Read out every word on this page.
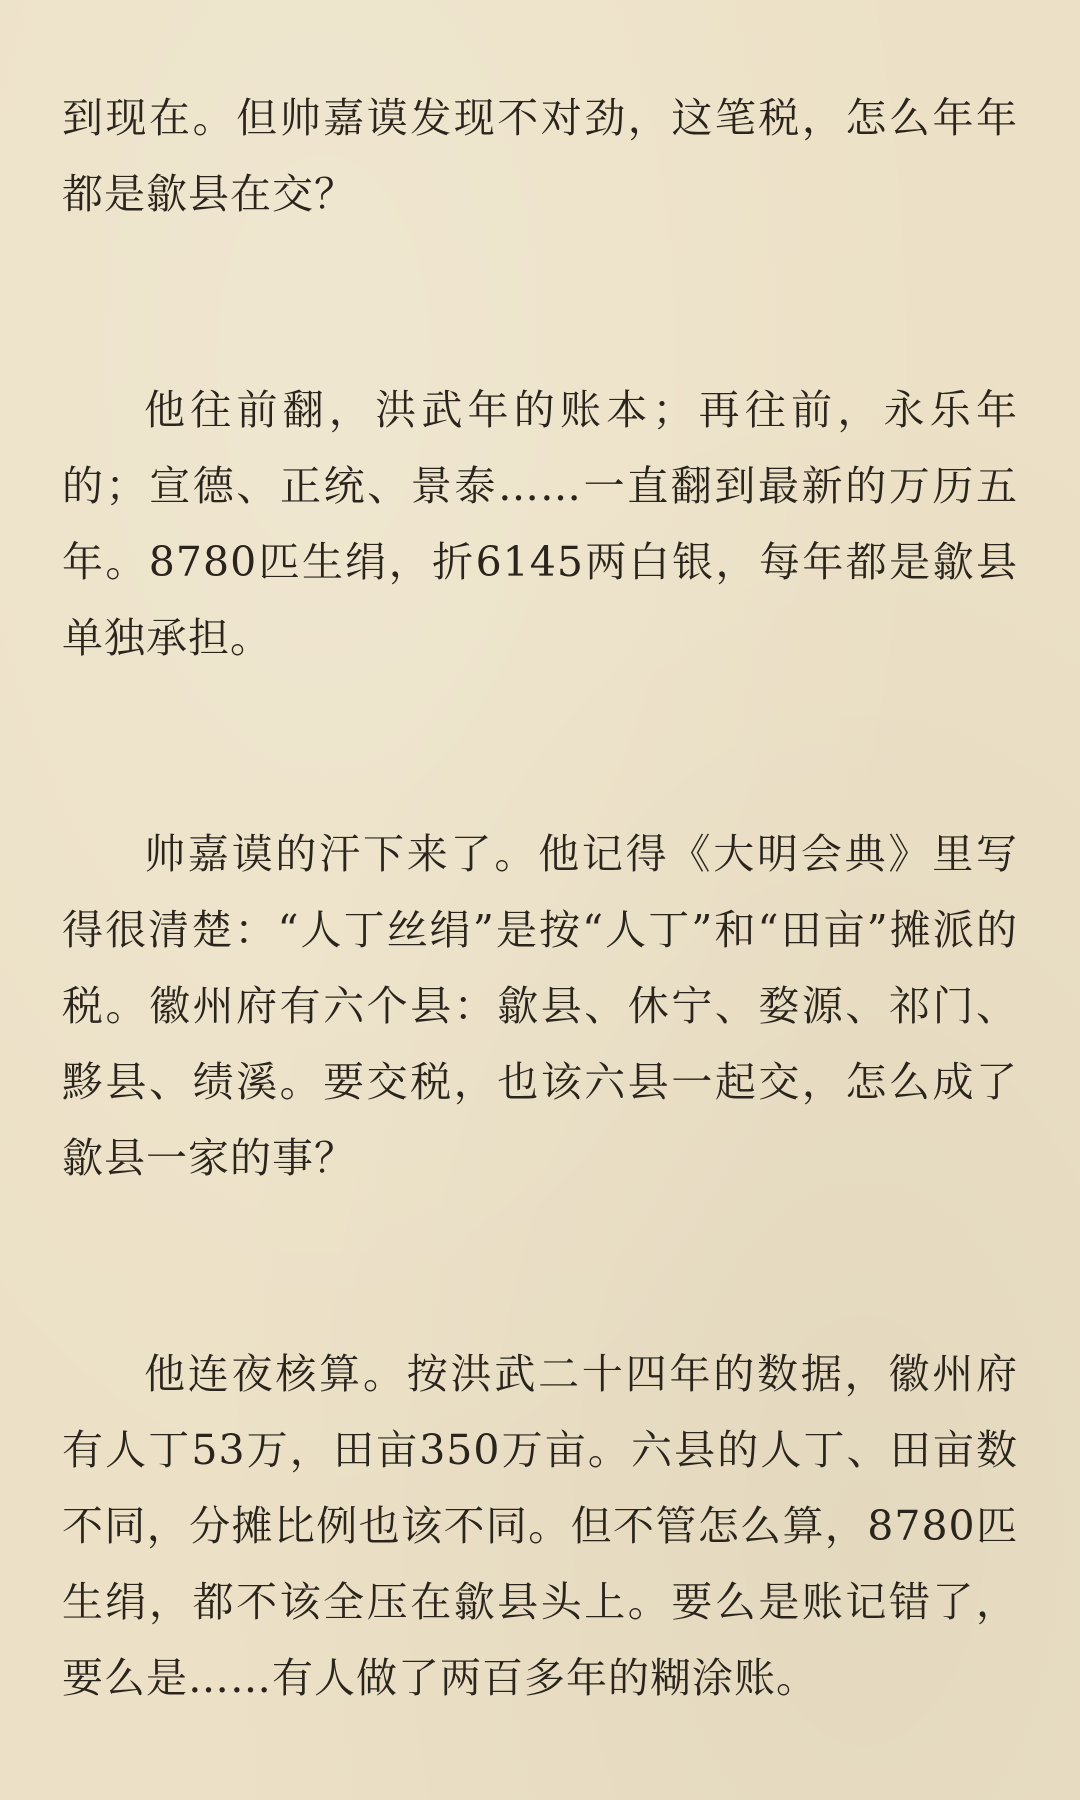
到现在。但帅嘉谟发现不对劲，这笔税，怎么年年都是歙县在交？

他往前翻，洪武年的账本；再往前，永乐年的；宣德、正统、景泰……一直翻到最新的万历五年。8780匹生绢，折6145两白银，每年都是歙县单独承担。

帅嘉谟的汗下来了。他记得《大明会典》里写得很清楚：“人丁丝绢”是按“人丁”和“田亩”摊派的税。徽州府有六个县：歙县、休宁、婺源、祁门、黟县、绩溪。要交税，也该六县一起交，怎么成了歙县一家的事？

他连夜核算。按洪武二十四年的数据，徽州府有人丁53万，田亩350万亩。六县的人丁、田亩数不同，分摊比例也该不同。但不管怎么算，8780匹生绢，都不该全压在歙县头上。要么是账记错了，要么是……有人做了两百多年的糊涂账。
